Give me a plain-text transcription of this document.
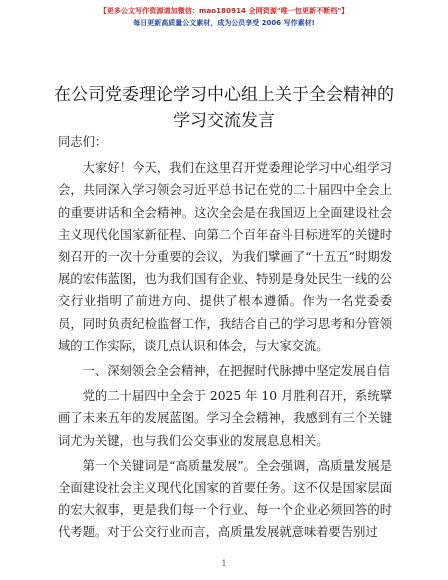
【更多公文写作资源请加微信：mao180914 全网资源"唯一包更新不断档"】
每日更新高质量公文素材，成为公员享受 2006 写作素材!
在公司党委理论学习中心组上关于全会精神的
学习交流发言

同志们：

大家好！今天，我们在这里召开党委理论学习中心组学习会，共同深入学习领会习近平总书记在党的二十届四中全会上的重要讲话和全会精神。这次全会是在我国迈上全面建设社会主义现代化国家新征程、向第二个百年奋斗目标进军的关键时刻召开的一次十分重要的会议，为我们擘画了“十五五”时期发展的宏伟蓝图，也为我们国有企业、特别是身处民生一线的公交行业指明了前进方向、提供了根本遵循。作为一名党委委员，同时负责纪检监督工作，我结合自己的学习思考和分管领域的工作实际，谈几点认识和体会，与大家交流。

一、深刻领会全会精神，在把握时代脉搏中坚定发展自信

党的二十届四中全会于 2025 年 10 月胜利召开，系统擘画了未来五年的发展蓝图。学习全会精神，我感到有三个关键词尤为关键，也与我们公交事业的发展息息相关。

第一个关键词是“高质量发展”。全会强调，高质量发展是全面建设社会主义现代化国家的首要任务。这不仅是国家层面的宏大叙事，更是我们每一个行业、每一个企业必须回答的时代考题。对于公交行业而言，高质量发展就意味着要告别过

1
